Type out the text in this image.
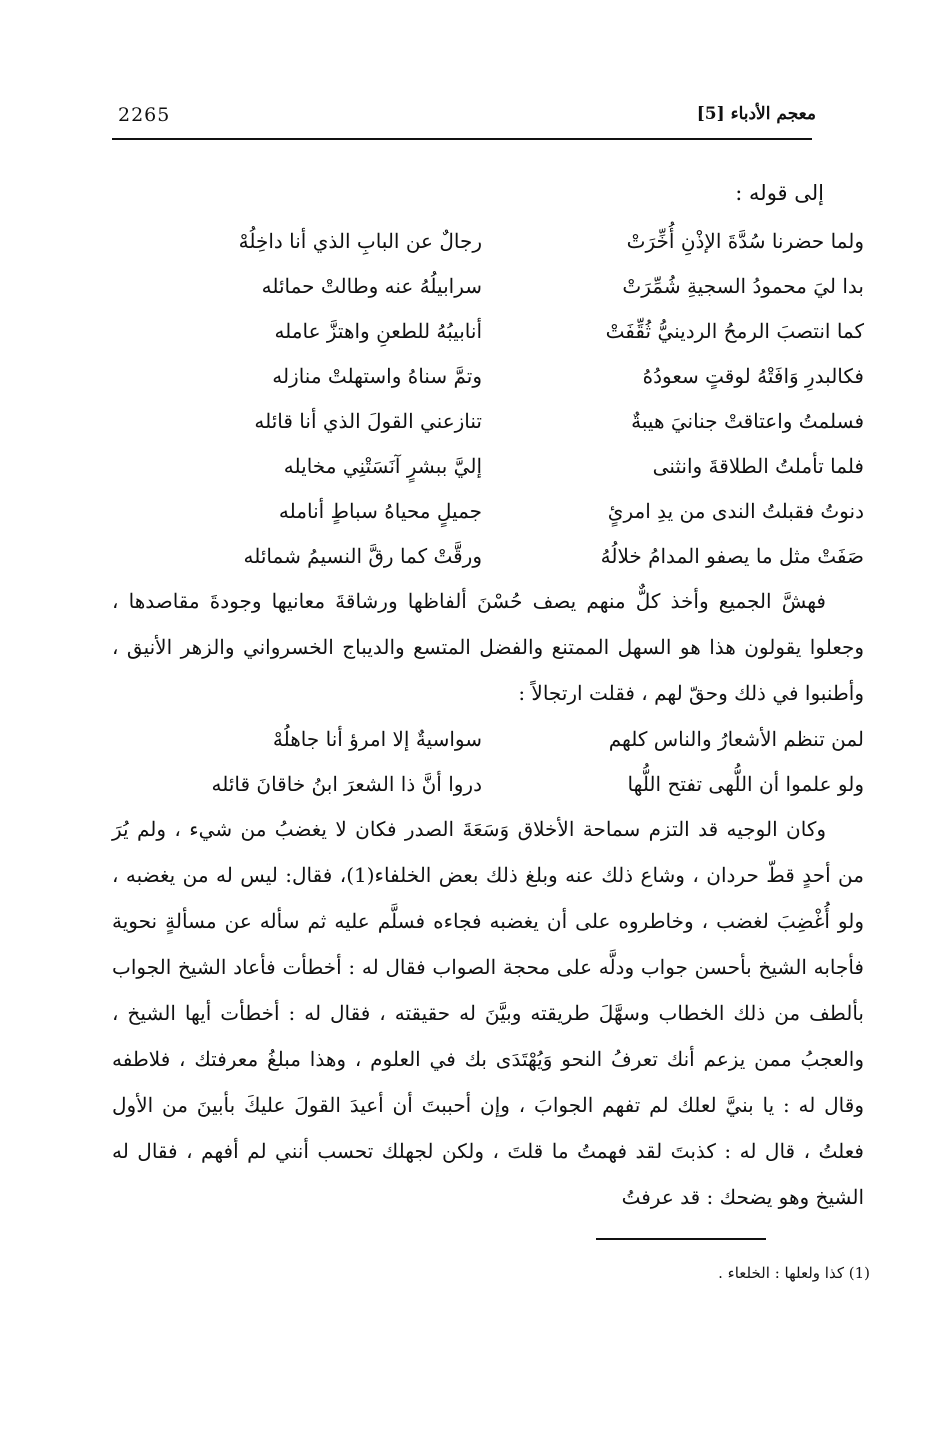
2265	معجم الأدباء [5]
إلى قوله :
ولما حضرنا سُدَّةَ الإذْنِ أُخِّرَتْ
رجالٌ عن البابِ الذي أنا داخِلُهْ
بدا ليَ محمودُ السجيةِ شُمِّرَتْ
سرابيلُهُ عنه وطالتْ حمائله
كما انتصبَ الرمحُ الردينيُّ ثُقِّفَتْ
أنابيبُهُ للطعنِ واهتزَّ عامله
فكالبدرِ وَافَتْهُ لوقتٍ سعودُهُ
وتمَّ سناهُ واستهلتْ منازله
فسلمتُ واعتاقتْ جنانيَ هيبةٌ
تنازعني القولَ الذي أنا قائله
فلما تأملتُ الطلاقةَ وانثنى
إليَّ ببشرٍ آنَسَتْنِي مخايله
دنوتُ فقبلتُ الندى من يدِ امرئٍ
جميلٍ محياهُ سباطٍ أنامله
صَفَتْ مثل ما يصفو المدامُ خلالُهُ
ورقَّتْ كما رقَّ النسيمُ شمائله
فهشَّ الجميع وأخذ كلٌّ منهم يصف حُسْنَ ألفاظها ورشاقةَ معانيها وجودةَ مقاصدها ، وجعلوا يقولون هذا هو السهل الممتنع والفضل المتسع والديباج الخسرواني والزهر الأنيق ، وأطنبوا في ذلك وحقّ لهم ، فقلت ارتجالاً :
لمن تنظم الأشعارُ والناس كلهم
سواسيةٌ إلا امرؤ أنا جاهلُهْ
ولو علموا أن اللُّهى تفتح اللُّها
دروا أنَّ ذا الشعرَ ابنُ خاقانَ قائله
وكان الوجيه قد التزم سماحة الأخلاق وَسَعَةَ الصدر فكان لا يغضبُ من شيء ، ولم يُرَ من أحدٍ قطّ حردان ، وشاع ذلك عنه وبلغ ذلك بعض الخلفاء(1)، فقال: ليس له من يغضبه ، ولو أُغْضِبَ لغضب ، وخاطروه على أن يغضبه فجاءه فسلَّم عليه ثم سأله عن مسألةٍ نحوية فأجابه الشيخ بأحسن جواب ودلَّه على محجة الصواب فقال له : أخطأت فأعاد الشيخ الجواب بألطف من ذلك الخطاب وسهَّلَ طريقته وبيَّنَ له حقيقته ، فقال له : أخطأت أيها الشيخ ، والعجبُ ممن يزعم أنك تعرفُ النحو وَيُهْتَدَى بك في العلوم ، وهذا مبلغُ معرفتك ، فلاطفه وقال له : يا بنيَّ لعلك لم تفهم الجوابَ ، وإن أحببتَ أن أعيدَ القولَ عليكَ بأبينَ من الأول فعلتُ ، قال له : كذبتَ لقد فهمتُ ما قلتَ ، ولكن لجهلك تحسب أنني لم أفهم ، فقال له الشيخ وهو يضحك : قد عرفتُ
(1) كذا ولعلها : الخلعاء .
